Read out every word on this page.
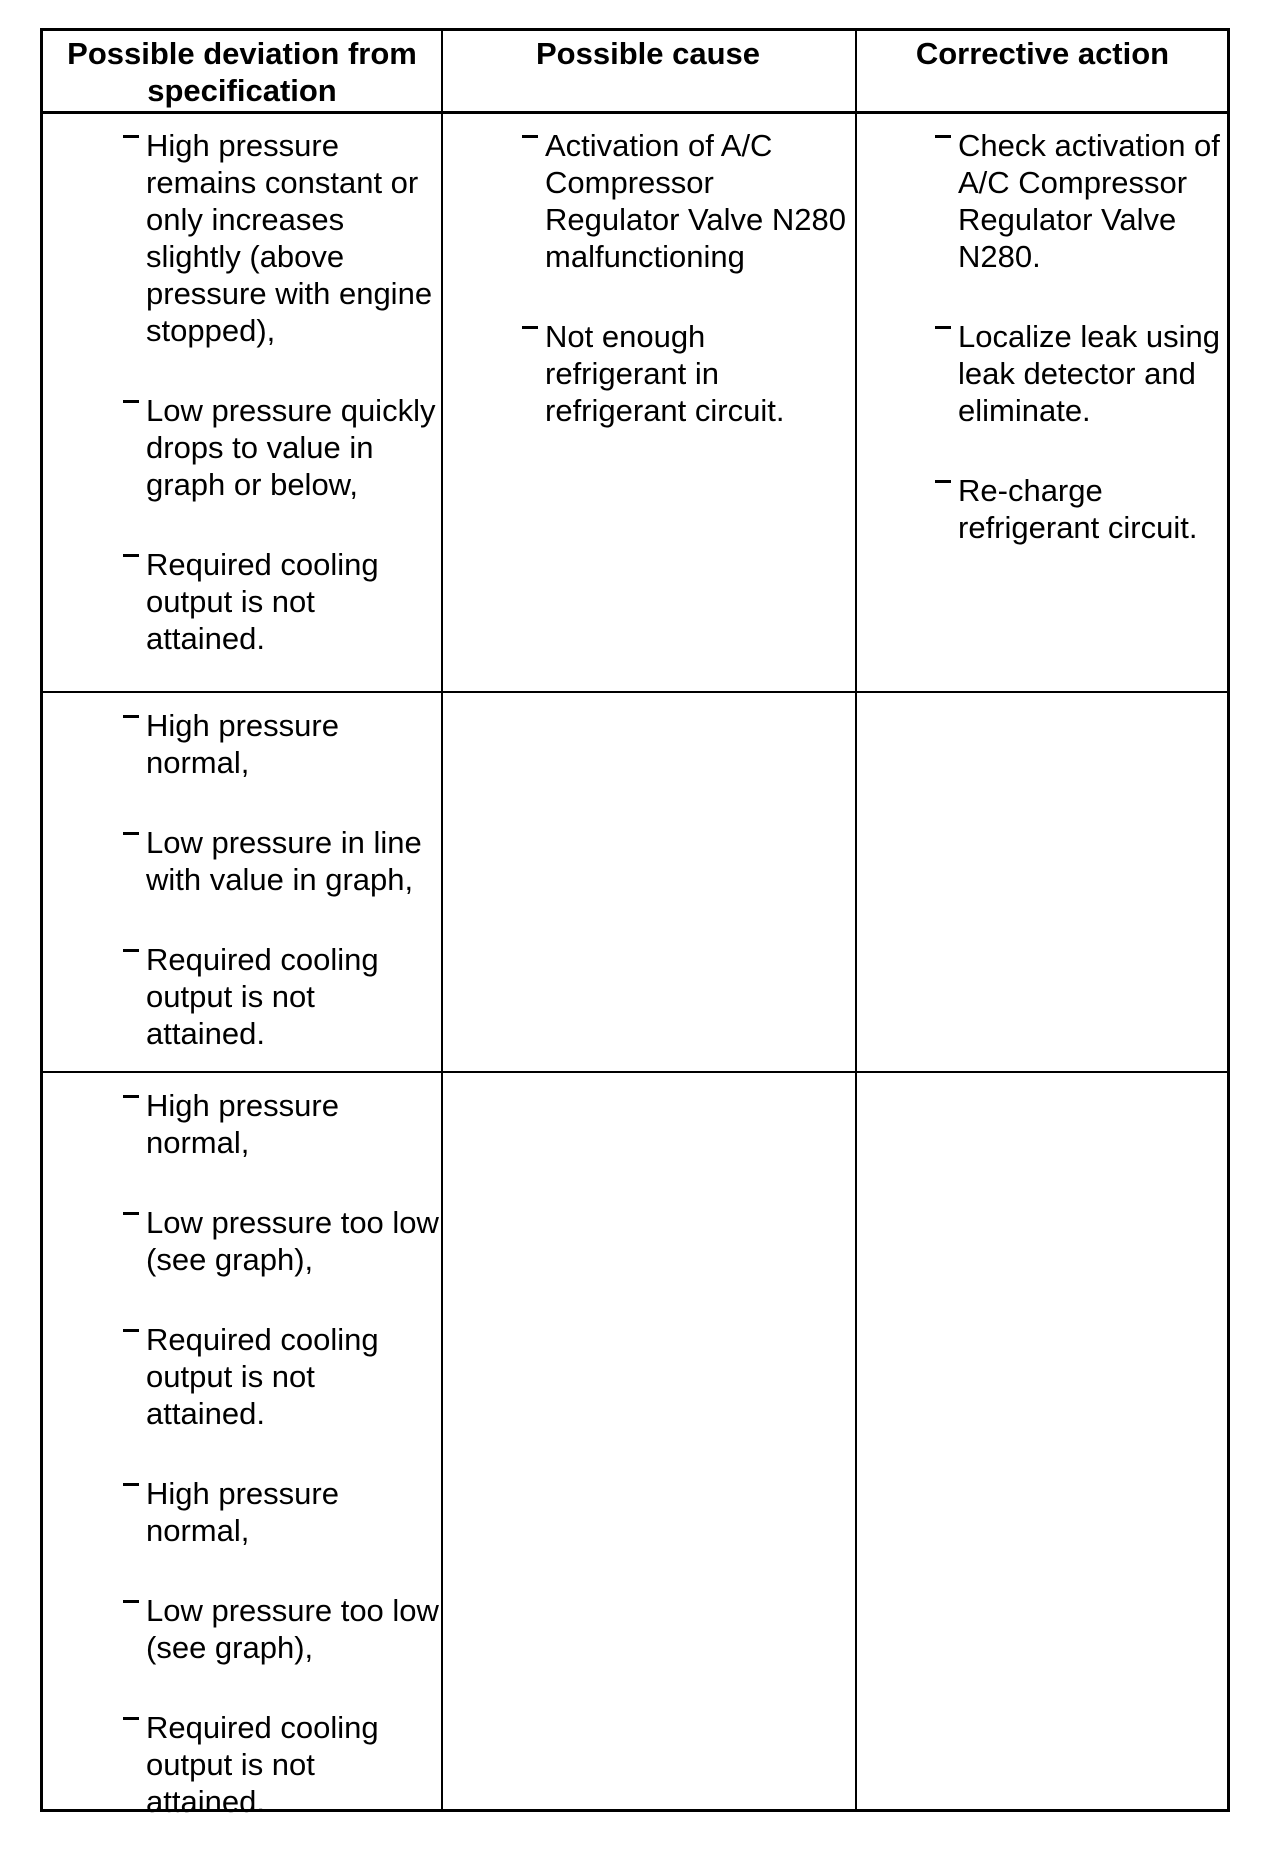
Possible deviation from specification
Possible cause	Corrective action
High pressure remains constant or only increases slightly (above pressure with engine stopped),
Low pressure quickly drops to value in graph or below,
Required cooling output is not attained.
Activation of A/C Compressor Regulator Valve N280 malfunctioning
Not enough refrigerant in refrigerant circuit.
Check activation of A/C Compressor Regulator Valve N280.
Localize leak using leak detector and eliminate.
Re-charge refrigerant circuit.
High pressure normal,
Low pressure in line with value in graph,
Required cooling output is not attained.
High pressure normal,
Low pressure too low (see graph),
Required cooling output is not attained.
High pressure normal,
Low pressure too low (see graph),
Required cooling output is not attained.
